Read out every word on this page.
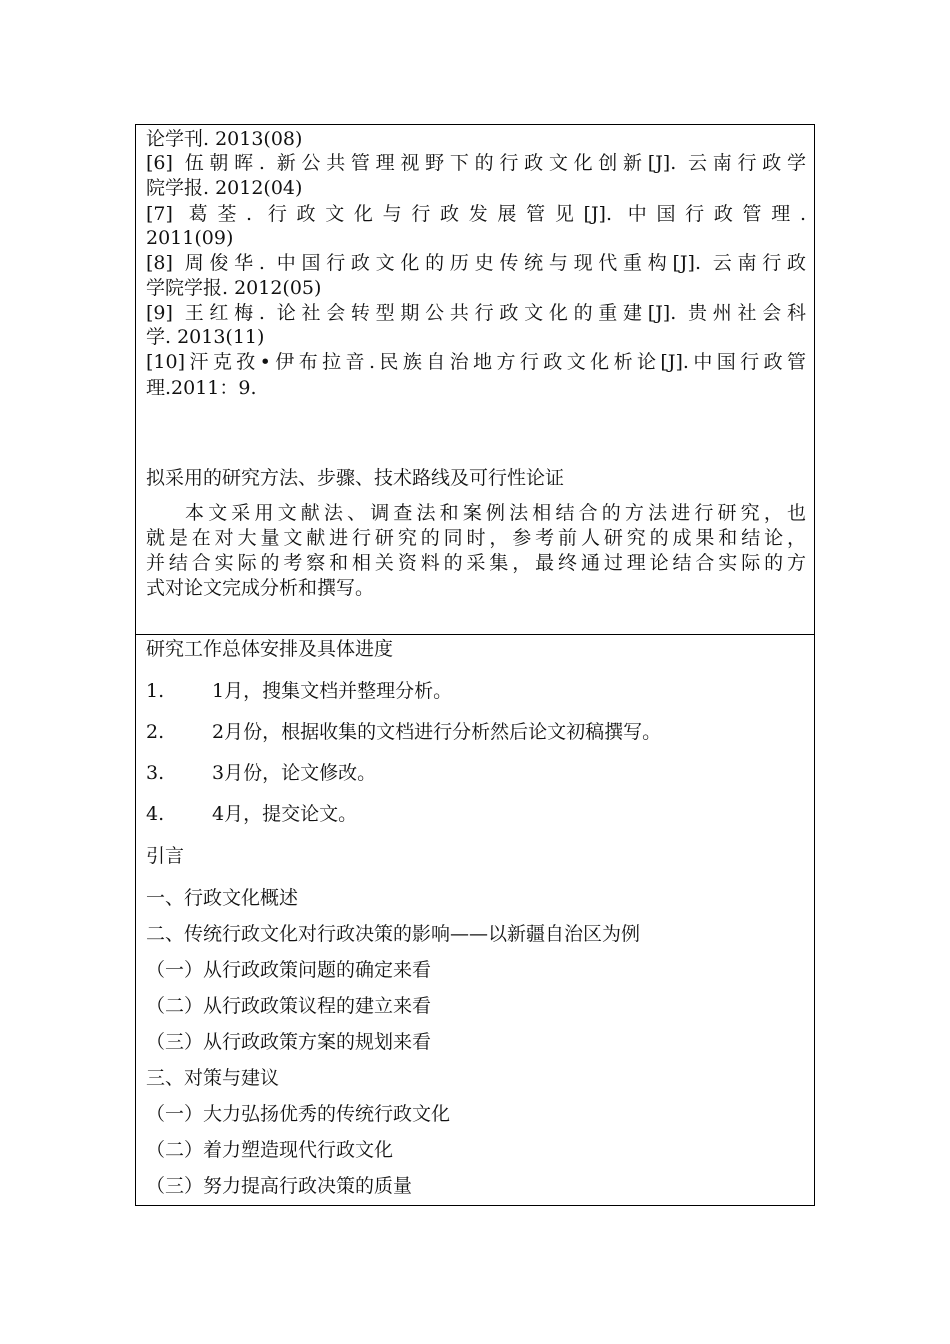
论学刊. 2013(08)
[6] 伍朝晖. 新公共管理视野下的行政文化创新[J]. 云南行政学
院学报. 2012(04)
[7] 葛荃. 行政文化与行政发展管见[J]. 中国行政管理.
2011(09)
[8] 周俊华. 中国行政文化的历史传统与现代重构[J]. 云南行政
学院学报. 2012(05)
[9] 王红梅. 论社会转型期公共行政文化的重建[J]. 贵州社会科
学. 2013(11)
[10]汗克孜•伊布拉音.民族自治地方行政文化析论[J].中国行政管
理.2011：9.
拟采用的研究方法、步骤、技术路线及可行性论证
本文采用文献法、调查法和案例法相结合的方法进行研究，也
就是在对大量文献进行研究的同时，参考前人研究的成果和结论，
并结合实际的考察和相关资料的采集，最终通过理论结合实际的方
式对论文完成分析和撰写。
研究工作总体安排及具体进度
1.	1月，搜集文档并整理分析。
2.	2月份，根据收集的文档进行分析然后论文初稿撰写。
3.	3月份，论文修改。
4.	4月，提交论文。
引言
一、行政文化概述
二、传统行政文化对行政决策的影响——以新疆自治区为例
（一）从行政政策问题的确定来看
（二）从行政政策议程的建立来看
（三）从行政政策方案的规划来看
三、对策与建议
（一）大力弘扬优秀的传统行政文化
（二）着力塑造现代行政文化
（三）努力提高行政决策的质量
